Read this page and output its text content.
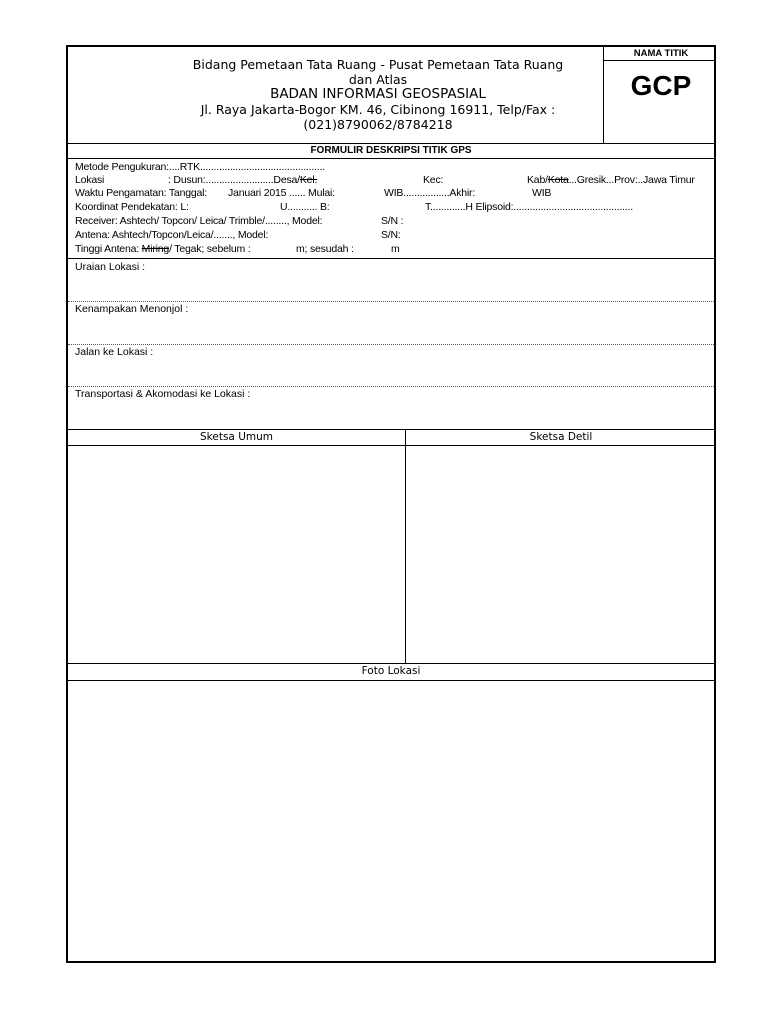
Bidang Pemetaan Tata Ruang - Pusat Pemetaan Tata Ruang
dan Atlas
BADAN INFORMASI GEOSPASIAL
Jl. Raya Jakarta-Bogor KM. 46, Cibinong 16911, Telp/Fax :
(021)8790062/8784218
NAMA TITIK
GCP
FORMULIR DESKRIPSI TITIK GPS
Metode Pengukuran:....RTK..............................................
Lokasi	: Dusun:.........................Desa/Kel.	Kec:	Kab/Kota...Gresik...Prov:..Jawa Timur
Waktu Pengamatan: Tanggal: Januari 2015 ...... Mulai:	WIB.................Akhir:	WIB
Koordinat Pendekatan: L:	U........... B:	T.............H Elipsoid:............................................
Receiver: Ashtech/ Topcon/ Leica/ Trimble/........, Model:	S/N :
Antena: Ashtech/Topcon/Leica/......., Model:	S/N:
Tinggi Antena: Miring/ Tegak; sebelum :	m; sesudah :	m
Uraian Lokasi :
Kenampakan Menonjol :
Jalan ke Lokasi :
Transportasi & Akomodasi ke Lokasi :
Sketsa Umum	Sketsa Detil
Foto Lokasi
